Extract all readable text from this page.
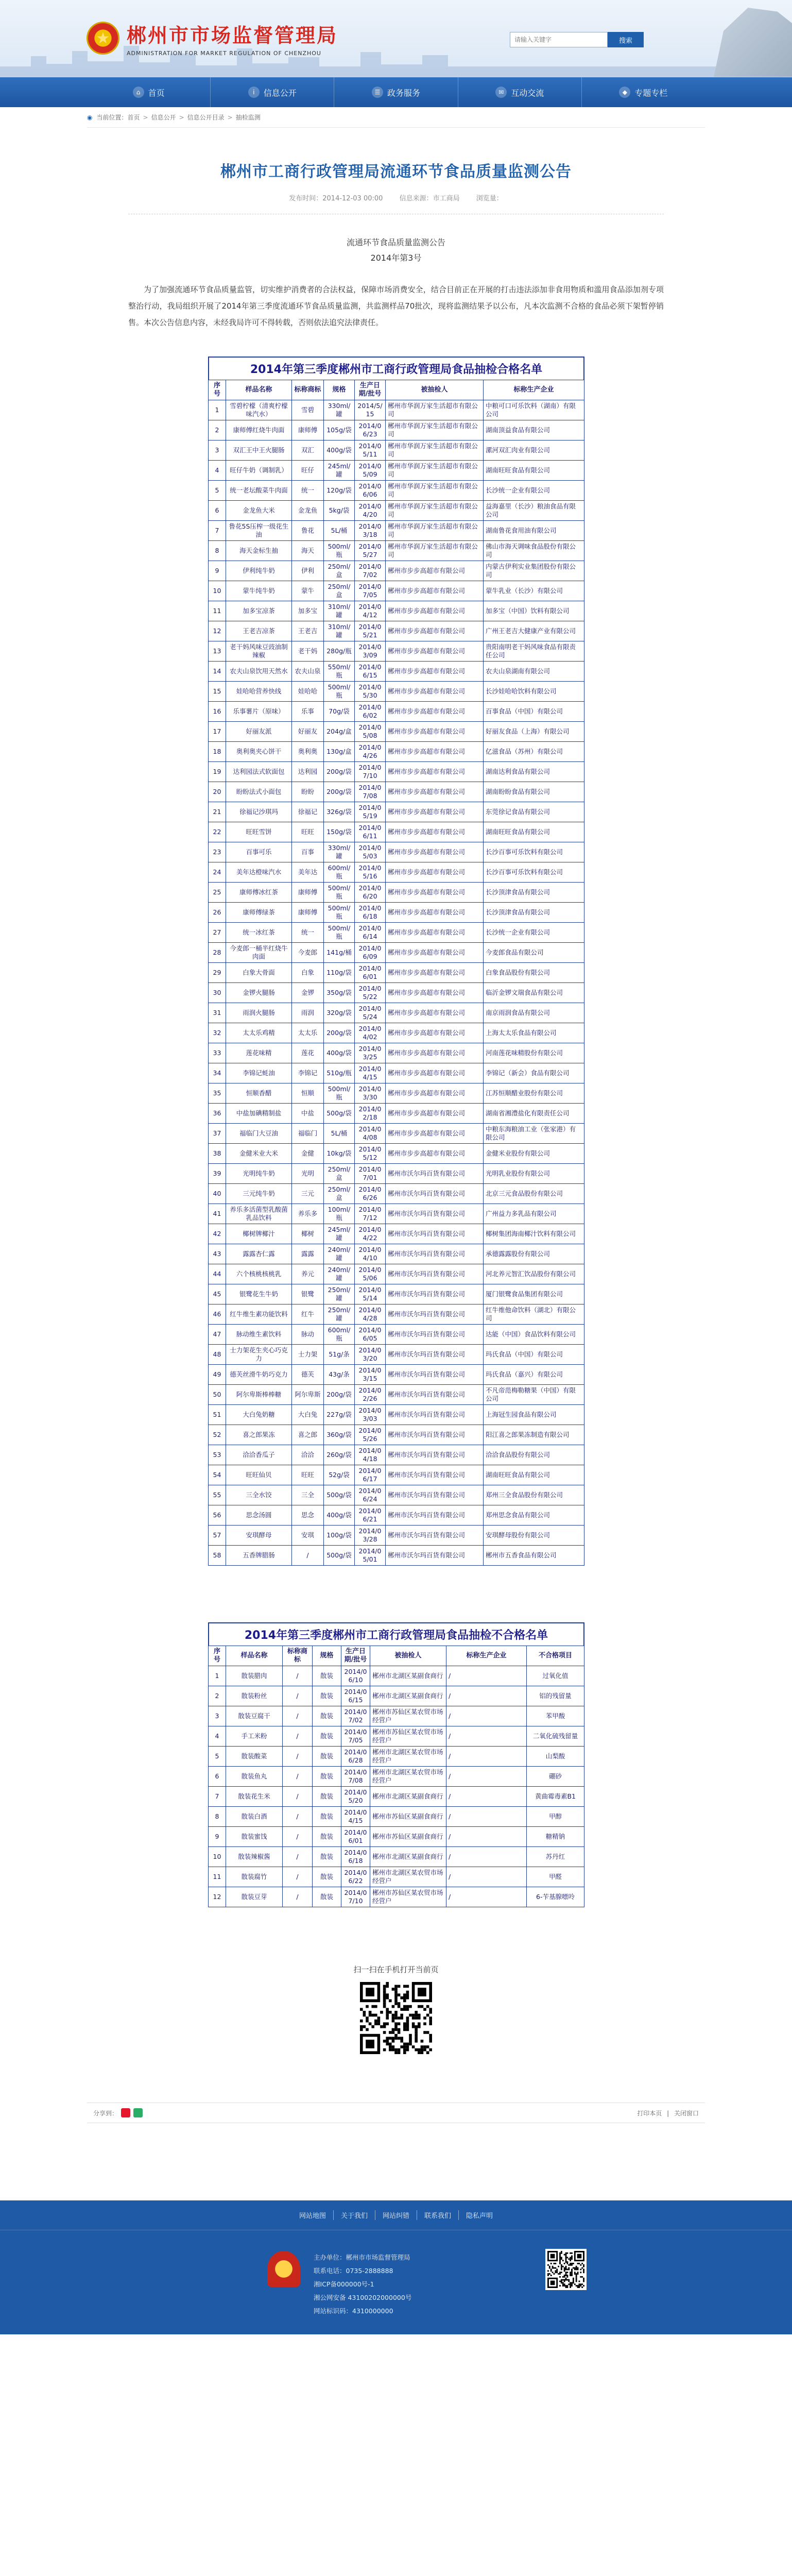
★ 郴州市市场监督管理局
ADMINISTRATION FOR MARKET REGULATION OF CHENZHOU
请输入关键字
搜索
⌂ 首页	i	信息公开	☰ 政务服务	✉ 互动交流	◆ 专题专栏
◉ 当前位置： 首页 > 信息公开 > 信息公开目录 > 抽检监测
郴州市工商行政管理局流通环节食品质量监测公告
发布时间：2014-12-03 00:00 信息来源：市工商局 浏览量：
流通环节食品质量监测公告
2014年第3号

为了加强流通环节食品质量监管，切实维护消费者的合法权益，保障市场消费安全，结合目前正在开展的打击违法添加非食用物质和滥用食品添加剂专项整治行动，我局组织开展了2014年第三季度流通环节食品质量监测，共监测样品70批次，现将监测结果予以公布，凡本次监测不合格的食品必须下架暂停销售。本次公告信息内容，未经我局许可不得转载，否则依法追究法律责任。

2014年第三季度郴州市工商行政管理局食品抽检合格名单
序号	样品名称	标称商标	规格	生产日期/批号	被抽检人	标称生产企业
1	雪碧柠檬（清爽柠檬味汽水）	雪碧	330ml/罐	2014/5/15	郴州市华润万家生活超市有限公司	中粮可口可乐饮料（湖南）有限公司
2	康师傅红烧牛肉面	康师傅	105g/袋	2014/06/23	郴州市华润万家生活超市有限公司	湖南顶益食品有限公司
3	双汇王中王火腿肠	双汇	400g/袋	2014/05/11	郴州市华润万家生活超市有限公司	漯河双汇肉业有限公司
4	旺仔牛奶（调制乳）	旺仔	245ml/罐	2014/05/09	郴州市华润万家生活超市有限公司	湖南旺旺食品有限公司
5	统一老坛酸菜牛肉面	统一	120g/袋	2014/06/06	郴州市华润万家生活超市有限公司	长沙统一企业有限公司
6	金龙鱼大米	金龙鱼	5kg/袋	2014/04/20	郴州市华润万家生活超市有限公司	益海嘉里（长沙）粮油食品有限公司
7	鲁花5S压榨一级花生油	鲁花	5L/桶	2014/03/18	郴州市华润万家生活超市有限公司	湖南鲁花食用油有限公司
8	海天金标生抽	海天	500ml/瓶	2014/05/27	郴州市华润万家生活超市有限公司	佛山市海天调味食品股份有限公司
9	伊利纯牛奶	伊利	250ml/盒	2014/07/02	郴州市步步高超市有限公司	内蒙古伊利实业集团股份有限公司
10	蒙牛纯牛奶	蒙牛	250ml/盒	2014/07/05	郴州市步步高超市有限公司	蒙牛乳业（长沙）有限公司
11	加多宝凉茶	加多宝	310ml/罐	2014/04/12	郴州市步步高超市有限公司	加多宝（中国）饮料有限公司
12	王老吉凉茶	王老吉	310ml/罐	2014/05/21	郴州市步步高超市有限公司	广州王老吉大健康产业有限公司
13	老干妈风味豆豉油制辣椒	老干妈	280g/瓶	2014/03/09	郴州市步步高超市有限公司	贵阳南明老干妈风味食品有限责任公司
14	农夫山泉饮用天然水	农夫山泉	550ml/瓶	2014/06/15	郴州市步步高超市有限公司	农夫山泉湖南有限公司
15	娃哈哈营养快线	娃哈哈	500ml/瓶	2014/05/30	郴州市步步高超市有限公司	长沙娃哈哈饮料有限公司
16	乐事薯片（原味）	乐事	70g/袋	2014/06/02	郴州市步步高超市有限公司	百事食品（中国）有限公司
17	好丽友派	好丽友	204g/盒	2014/05/08	郴州市步步高超市有限公司	好丽友食品（上海）有限公司
18	奥利奥夹心饼干	奥利奥	130g/盒	2014/04/26	郴州市步步高超市有限公司	亿滋食品（苏州）有限公司
19	达利园法式软面包	达利园	200g/袋	2014/07/10	郴州市步步高超市有限公司	湖南达利食品有限公司
20	盼盼法式小面包	盼盼	200g/袋	2014/07/08	郴州市步步高超市有限公司	湖南盼盼食品有限公司
21	徐福记沙琪玛	徐福记	326g/袋	2014/05/19	郴州市步步高超市有限公司	东莞徐记食品有限公司
22	旺旺雪饼	旺旺	150g/袋	2014/06/11	郴州市步步高超市有限公司	湖南旺旺食品有限公司
23	百事可乐	百事	330ml/罐	2014/05/03	郴州市步步高超市有限公司	长沙百事可乐饮料有限公司
24	美年达橙味汽水	美年达	600ml/瓶	2014/05/16	郴州市步步高超市有限公司	长沙百事可乐饮料有限公司
25	康师傅冰红茶	康师傅	500ml/瓶	2014/06/20	郴州市步步高超市有限公司	长沙顶津食品有限公司
26	康师傅绿茶	康师傅	500ml/瓶	2014/06/18	郴州市步步高超市有限公司	长沙顶津食品有限公司
27	统一冰红茶	统一	500ml/瓶	2014/06/14	郴州市步步高超市有限公司	长沙统一企业有限公司
28	今麦郎一桶半红烧牛肉面	今麦郎	141g/桶	2014/06/09	郴州市步步高超市有限公司	今麦郎食品有限公司
29	白象大骨面	白象	110g/袋	2014/06/01	郴州市步步高超市有限公司	白象食品股份有限公司
30	金锣火腿肠	金锣	350g/袋	2014/05/22	郴州市步步高超市有限公司	临沂金锣文瑞食品有限公司
31	雨润火腿肠	雨润	320g/袋	2014/05/24	郴州市步步高超市有限公司	南京雨润食品有限公司
32	太太乐鸡精	太太乐	200g/袋	2014/04/02	郴州市步步高超市有限公司	上海太太乐食品有限公司
33	莲花味精	莲花	400g/袋	2014/03/25	郴州市步步高超市有限公司	河南莲花味精股份有限公司
34	李锦记蚝油	李锦记	510g/瓶	2014/04/15	郴州市步步高超市有限公司	李锦记（新会）食品有限公司
35	恒顺香醋	恒顺	500ml/瓶	2014/03/30	郴州市步步高超市有限公司	江苏恒顺醋业股份有限公司
36	中盐加碘精制盐	中盐	500g/袋	2014/02/18	郴州市步步高超市有限公司	湖南省湘澧盐化有限责任公司
37	福临门大豆油	福临门	5L/桶	2014/04/08	郴州市步步高超市有限公司	中粮东海粮油工业（张家港）有限公司
38	金健米业大米	金健	10kg/袋	2014/05/12	郴州市步步高超市有限公司	金健米业股份有限公司
39	光明纯牛奶	光明	250ml/盒	2014/07/01	郴州市沃尔玛百货有限公司	光明乳业股份有限公司
40	三元纯牛奶	三元	250ml/盒	2014/06/26	郴州市沃尔玛百货有限公司	北京三元食品股份有限公司
41	养乐多活菌型乳酸菌乳品饮料	养乐多	100ml/瓶	2014/07/12	郴州市沃尔玛百货有限公司	广州益力多乳品有限公司
42	椰树牌椰汁	椰树	245ml/罐	2014/04/22	郴州市沃尔玛百货有限公司	椰树集团海南椰汁饮料有限公司
43	露露杏仁露	露露	240ml/罐	2014/04/10	郴州市沃尔玛百货有限公司	承德露露股份有限公司
44	六个核桃核桃乳	养元	240ml/罐	2014/05/06	郴州市沃尔玛百货有限公司	河北养元智汇饮品股份有限公司
45	银鹭花生牛奶	银鹭	250ml/罐	2014/05/14	郴州市沃尔玛百货有限公司	厦门银鹭食品集团有限公司
46	红牛维生素功能饮料	红牛	250ml/罐	2014/04/28	郴州市沃尔玛百货有限公司	红牛维他命饮料（湖北）有限公司
47	脉动维生素饮料	脉动	600ml/瓶	2014/06/05	郴州市沃尔玛百货有限公司	达能（中国）食品饮料有限公司
48	士力架花生夹心巧克力	士力架	51g/条	2014/03/20	郴州市沃尔玛百货有限公司	玛氏食品（中国）有限公司
49	德芙丝滑牛奶巧克力	德芙	43g/条	2014/03/15	郴州市沃尔玛百货有限公司	玛氏食品（嘉兴）有限公司
50	阿尔卑斯棒棒糖	阿尔卑斯	200g/袋	2014/02/26	郴州市沃尔玛百货有限公司	不凡帝范梅勒糖果（中国）有限公司
51	大白兔奶糖	大白兔	227g/袋	2014/03/03	郴州市沃尔玛百货有限公司	上海冠生园食品有限公司
52	喜之郎果冻	喜之郎	360g/袋	2014/05/26	郴州市沃尔玛百货有限公司	阳江喜之郎果冻制造有限公司
53	洽洽香瓜子	洽洽	260g/袋	2014/04/18	郴州市沃尔玛百货有限公司	洽洽食品股份有限公司
54	旺旺仙贝	旺旺	52g/袋	2014/06/17	郴州市沃尔玛百货有限公司	湖南旺旺食品有限公司
55	三全水饺	三全	500g/袋	2014/06/24	郴州市沃尔玛百货有限公司	郑州三全食品股份有限公司
56	思念汤圆	思念	400g/袋	2014/06/21	郴州市沃尔玛百货有限公司	郑州思念食品有限公司
57	安琪酵母	安琪	100g/袋	2014/03/28	郴州市沃尔玛百货有限公司	安琪酵母股份有限公司
58	五香牌腊肠	/	500g/袋	2014/05/01	郴州市沃尔玛百货有限公司	郴州市五香食品有限公司
2014年第三季度郴州市工商行政管理局食品抽检不合格名单
序号	样品名称	标称商标	规格	生产日期/批号	被抽检人	标称生产企业	不合格项目
1	散装腊肉	/	散装	2014/06/10	郴州市北湖区某副食商行	/	过氧化值
2	散装粉丝	/	散装	2014/06/15	郴州市北湖区某副食商行	/	铝的残留量
3	散装豆腐干	/	散装	2014/07/02	郴州市苏仙区某农贸市场经营户	/	苯甲酸
4	手工米粉	/	散装	2014/07/05	郴州市苏仙区某农贸市场经营户	/	二氧化硫残留量
5	散装酸菜	/	散装	2014/06/28	郴州市北湖区某农贸市场经营户	/	山梨酸
6	散装鱼丸	/	散装	2014/07/08	郴州市北湖区某农贸市场经营户	/	硼砂
7	散装花生米	/	散装	2014/05/20	郴州市北湖区某副食商行	/	黄曲霉毒素B1
8	散装白酒	/	散装	2014/04/15	郴州市苏仙区某副食商行	/	甲醇
9	散装蜜饯	/	散装	2014/06/01	郴州市苏仙区某副食商行	/	糖精钠
10	散装辣椒酱	/	散装	2014/06/18	郴州市北湖区某副食商行	/	苏丹红
11	散装腐竹	/	散装	2014/06/22	郴州市北湖区某农贸市场经营户	/	甲醛
12	散装豆芽	/	散装	2014/07/10	郴州市苏仙区某农贸市场经营户	/	6-苄基腺嘌呤
扫一扫在手机打开当前页
分享到：	打印本页 | 关闭窗口
网站地图	关于我们	网站纠错	联系我们	隐私声明
主办单位：郴州市市场监督管理局
联系电话：0735-2888888
湘ICP备000000号-1
湘公网安备 43100202000000号
网站标识码：4310000000
